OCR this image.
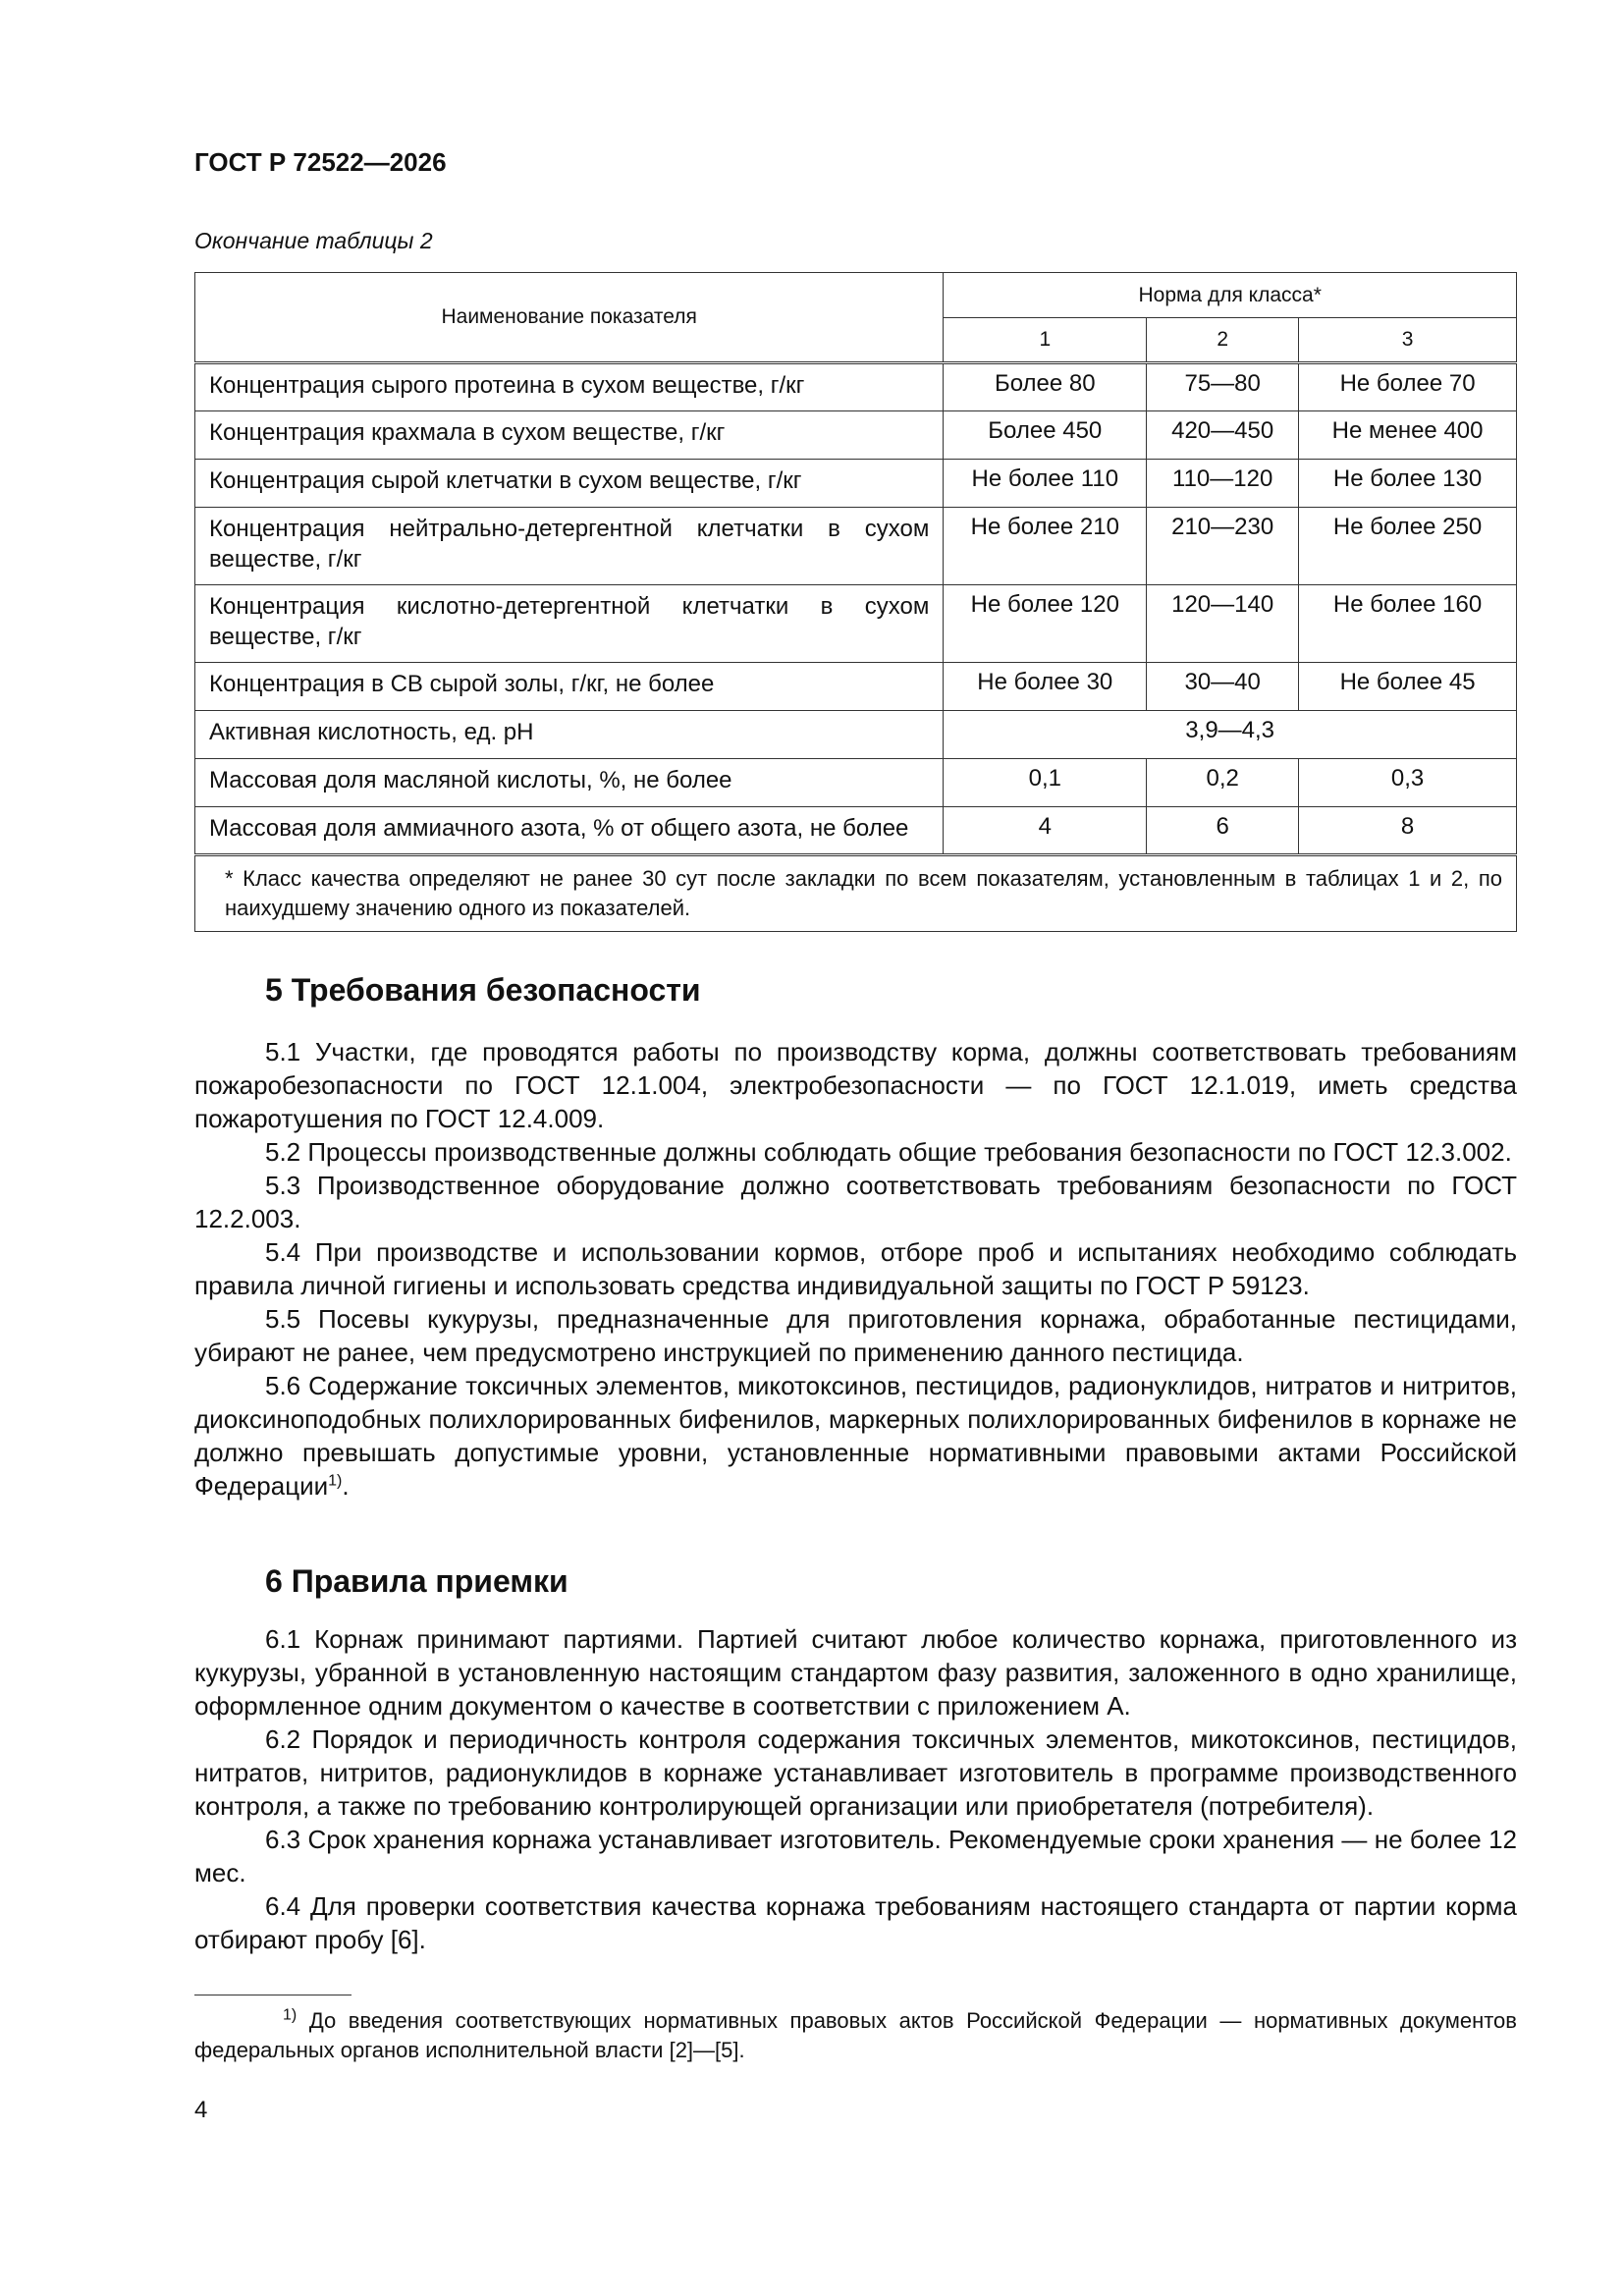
ГОСТ Р 72522—2026
Окончание таблицы 2
Наименование показателя	Норма для класса*		
	1	2	3
Концентрация сырого протеина в сухом веществе, г/кг	Более 80	75—80	Не более 70
Концентрация крахмала в сухом веществе, г/кг	Более 450	420—450	Не менее 400
Концентрация сырой клетчатки в сухом веществе, г/кг	Не более 110	110—120	Не более 130
Концентрация нейтрально-детергентной клетчатки в сухом веществе, г/кг	Не более 210	210—230	Не более 250
Концентрация кислотно-детергентной клетчатки в сухом веществе, г/кг	Не более 120	120—140	Не более 160
Концентрация в СВ сырой золы, г/кг, не более	Не более 30	30—40	Не более 45
Активная кислотность, ед. pH	3,9—4,3		
Массовая доля масляной кислоты, %, не более	0,1	0,2	0,3
Массовая доля аммиачного азота, % от общего азота, не более	4	6	8
* Класс качества определяют не ранее 30 сут после закладки по всем показателям, установленным в таблицах 1 и 2, по наихудшему значению одного из показателей.			
5 Требования безопасности

5.1 Участки, где проводятся работы по производству корма, должны соответствовать требованиям пожаробезопасности по ГОСТ 12.1.004, электробезопасности — по ГОСТ 12.1.019, иметь средства пожаротушения по ГОСТ 12.4.009.

5.2 Процессы производственные должны соблюдать общие требования безопасности по ГОСТ 12.3.002.

5.3 Производственное оборудование должно соответствовать требованиям безопасности по ГОСТ 12.2.003.

5.4 При производстве и использовании кормов, отборе проб и испытаниях необходимо соблюдать правила личной гигиены и использовать средства индивидуальной защиты по ГОСТ Р 59123.

5.5 Посевы кукурузы, предназначенные для приготовления корнажа, обработанные пестицидами, убирают не ранее, чем предусмотрено инструкцией по применению данного пестицида.

5.6 Содержание токсичных элементов, микотоксинов, пестицидов, радионуклидов, нитратов и нитритов, диоксиноподобных полихлорированных бифенилов, маркерных полихлорированных бифенилов в корнаже не должно превышать допустимые уровни, установленные нормативными правовыми актами Российской Федерации$^{1)}$.

6 Правила приемки

6.1 Корнаж принимают партиями. Партией считают любое количество корнажа, приготовленного из кукурузы, убранной в установленную настоящим стандартом фазу развития, заложенного в одно хранилище, оформленное одним документом о качестве в соответствии с приложением А.

6.2 Порядок и периодичность контроля содержания токсичных элементов, микотоксинов, пестицидов, нитратов, нитритов, радионуклидов в корнаже устанавливает изготовитель в программе производственного контроля, а также по требованию контролирующей организации или приобретателя (потребителя).

6.3 Срок хранения корнажа устанавливает изготовитель. Рекомендуемые сроки хранения — не более 12 мес.

6.4 Для проверки соответствия качества корнажа требованиям настоящего стандарта от партии корма отбирают пробу [6].

$^{1)}$ До введения соответствующих нормативных правовых актов Российской Федерации — нормативных документов федеральных органов исполнительной власти [2]—[5].
4
